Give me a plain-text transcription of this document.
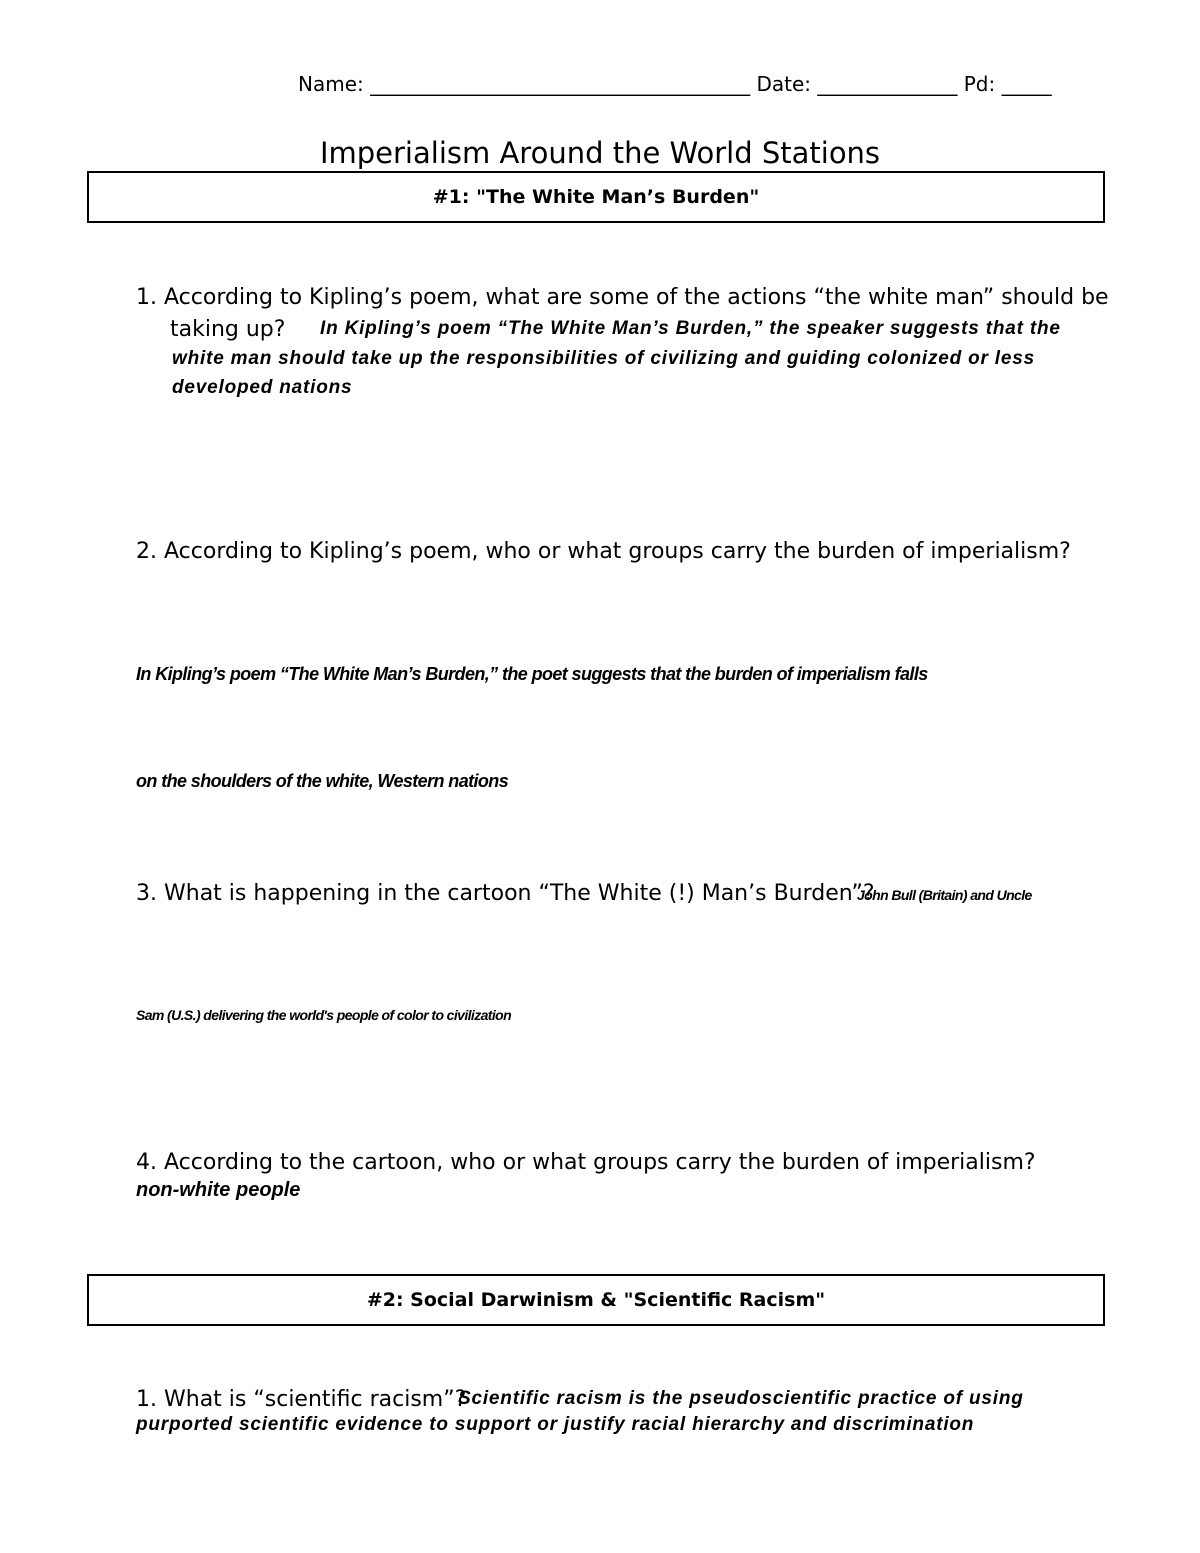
Name: ______________________________________ Date: ______________ Pd: _____
Imperialism Around the World Stations
#1: "The White Man’s Burden"
1. According to Kipling’s poem, what are some of the actions “the white man” should be
taking up? In Kipling’s poem “The White Man’s Burden,” the speaker suggests that the
white man should take up the responsibilities of civilizing and guiding colonized or less
developed nations
2. According to Kipling’s poem, who or what groups carry the burden of imperialism?
In Kipling’s poem “The White Man’s Burden,” the poet suggests that the burden of imperialism falls
on the shoulders of the white, Western nations
3. What is happening in the cartoon “The White (!) Man’s Burden”?
John Bull (Britain) and Uncle
Sam (U.S.) delivering the world's people of color to civilization
4. According to the cartoon, who or what groups carry the burden of imperialism?
non-white people
#2: Social Darwinism & "Scientific Racism"
1. What is “scientific racism”?
Scientific racism is the pseudoscientific practice of using
purported scientific evidence to support or justify racial hierarchy and discrimination
